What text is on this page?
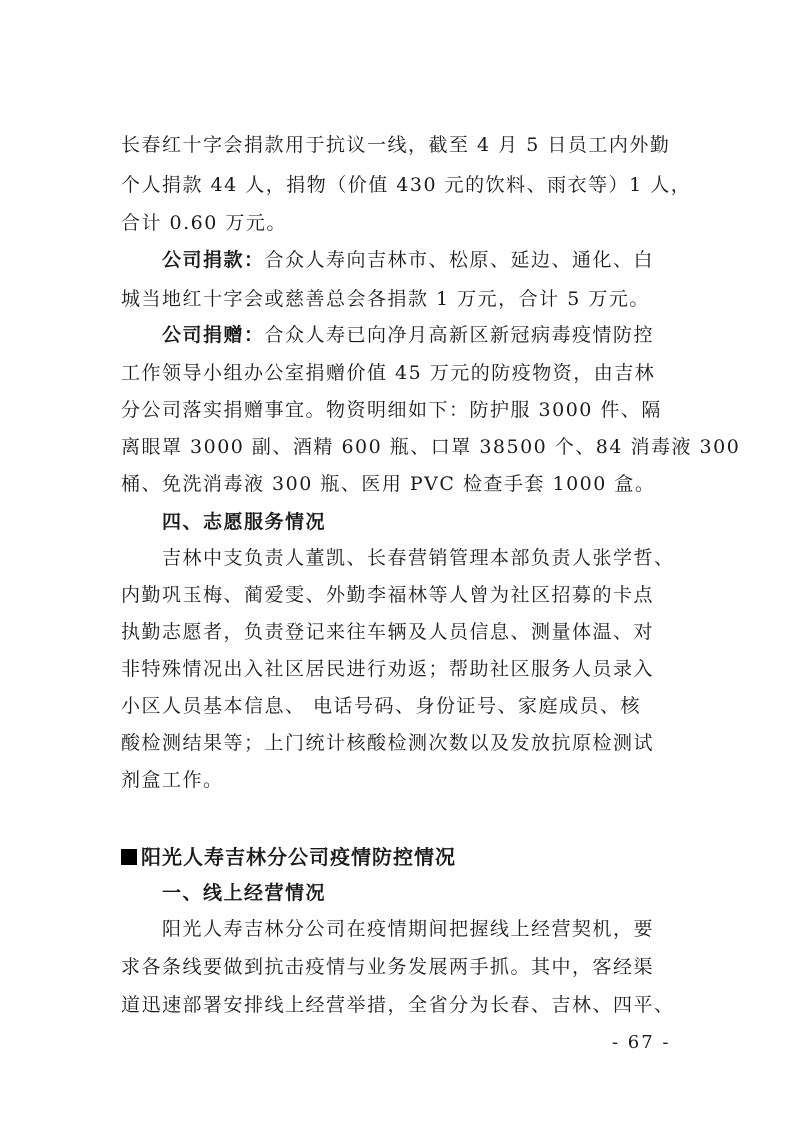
长春红十字会捐款用于抗议一线，截至 4 月 5 日员工内外勤
个人捐款 44 人，捐物（价值 430 元的饮料、雨衣等）1 人，
合计 0.60 万元。
公司捐款：合众人寿向吉林市、松原、延边、通化、白
城当地红十字会或慈善总会各捐款 1 万元，合计 5 万元。
公司捐赠：合众人寿已向净月高新区新冠病毒疫情防控
工作领导小组办公室捐赠价值 45 万元的防疫物资，由吉林
分公司落实捐赠事宜。物资明细如下：防护服 3000 件、隔
离眼罩 3000 副、酒精 600 瓶、口罩 38500 个、84 消毒液 300
桶、免洗消毒液 300 瓶、医用 PVC 检查手套 1000 盒。
四、志愿服务情况
吉林中支负责人董凯、长春营销管理本部负责人张学哲、
内勤巩玉梅、蔺爱雯、外勤李福林等人曾为社区招募的卡点
执勤志愿者，负责登记来往车辆及人员信息、测量体温、对
非特殊情况出入社区居民进行劝返；帮助社区服务人员录入
小区人员基本信息、 电话号码、身份证号、家庭成员、核
酸检测结果等；上门统计核酸检测次数以及发放抗原检测试
剂盒工作。
阳光人寿吉林分公司疫情防控情况
一、线上经营情况
阳光人寿吉林分公司在疫情期间把握线上经营契机，要
求各条线要做到抗击疫情与业务发展两手抓。其中，客经渠
道迅速部署安排线上经营举措，全省分为长春、吉林、四平、
- 67 -
